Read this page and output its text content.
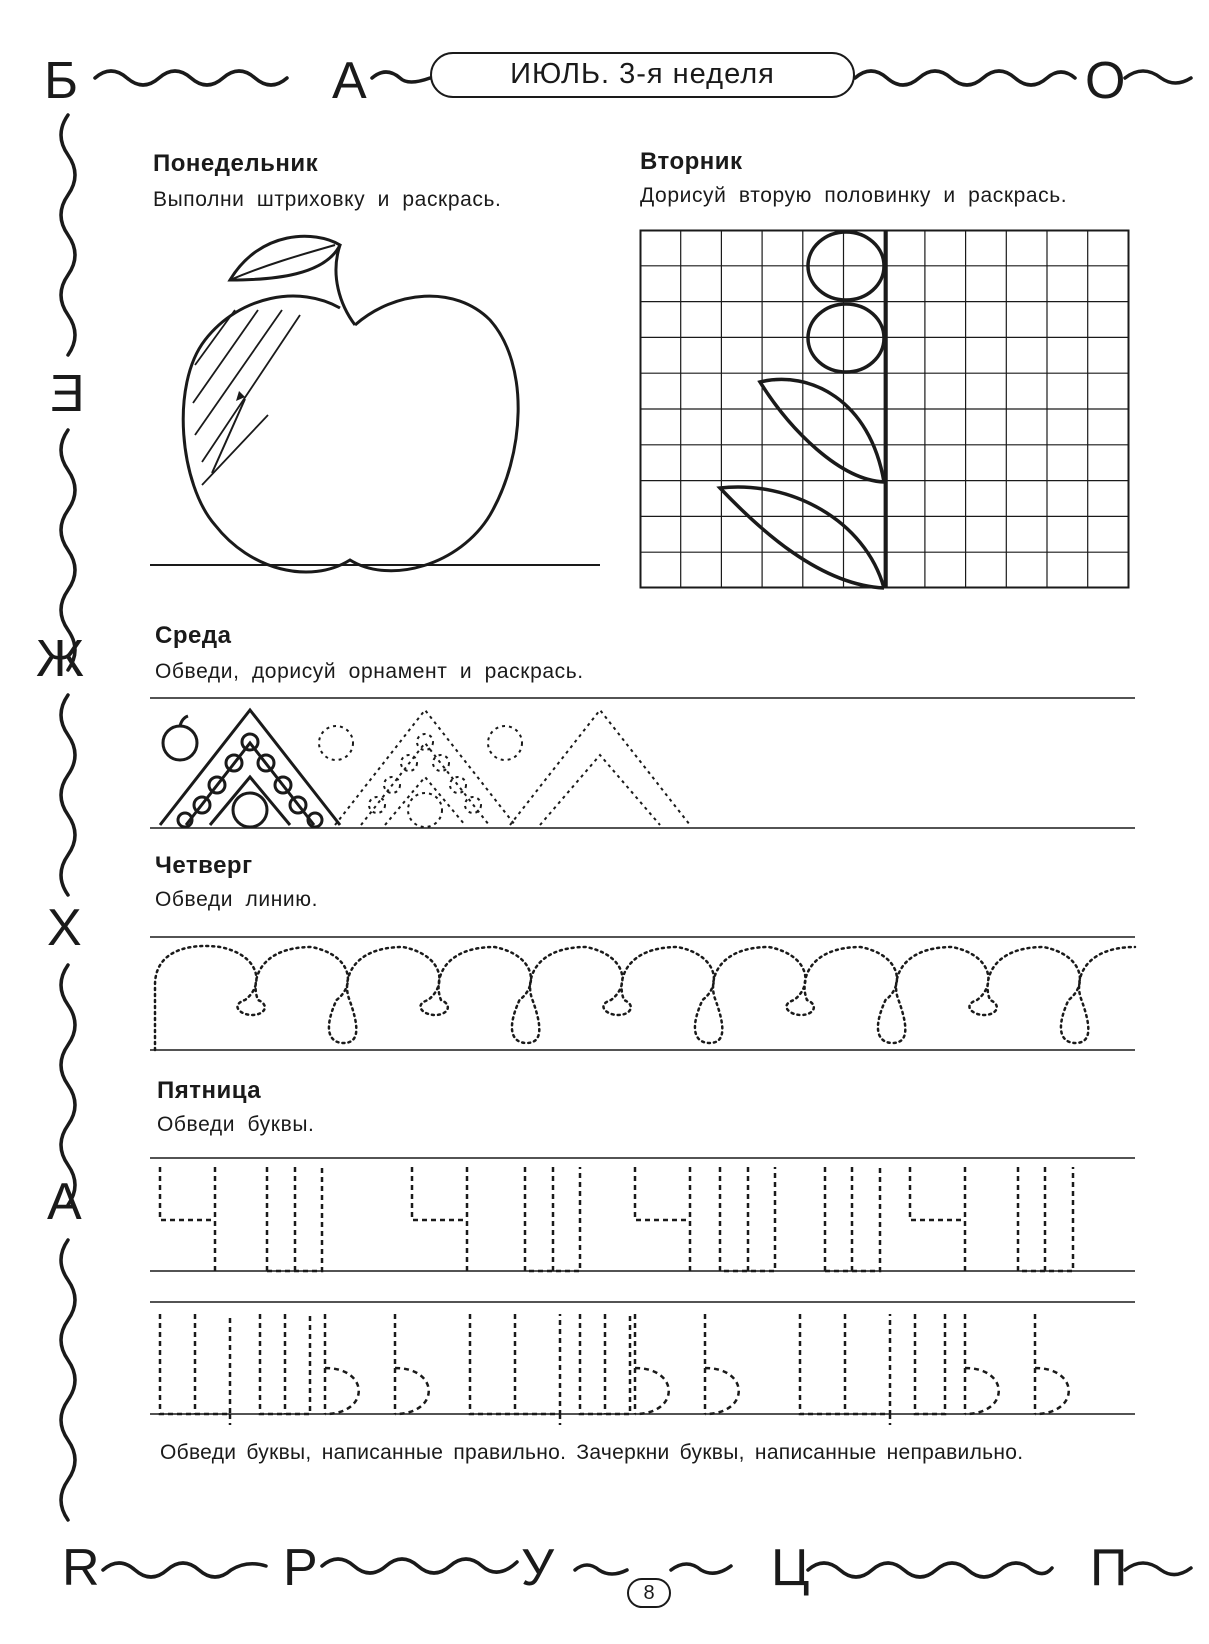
Б	А	О
Е
Ж
Х
А
R	Р	У	Ц	П
ИЮЛЬ. 3-я неделя
8
Понедельник
Выполни штриховку и раскрась.
Вторник
Дорисуй вторую половинку и раскрась.
Среда
Обведи, дорисуй орнамент и раскрась.
Четверг
Обведи линию.
Пятница
Обведи буквы.
Обведи буквы, написанные правильно. Зачеркни буквы, написанные неправильно.
